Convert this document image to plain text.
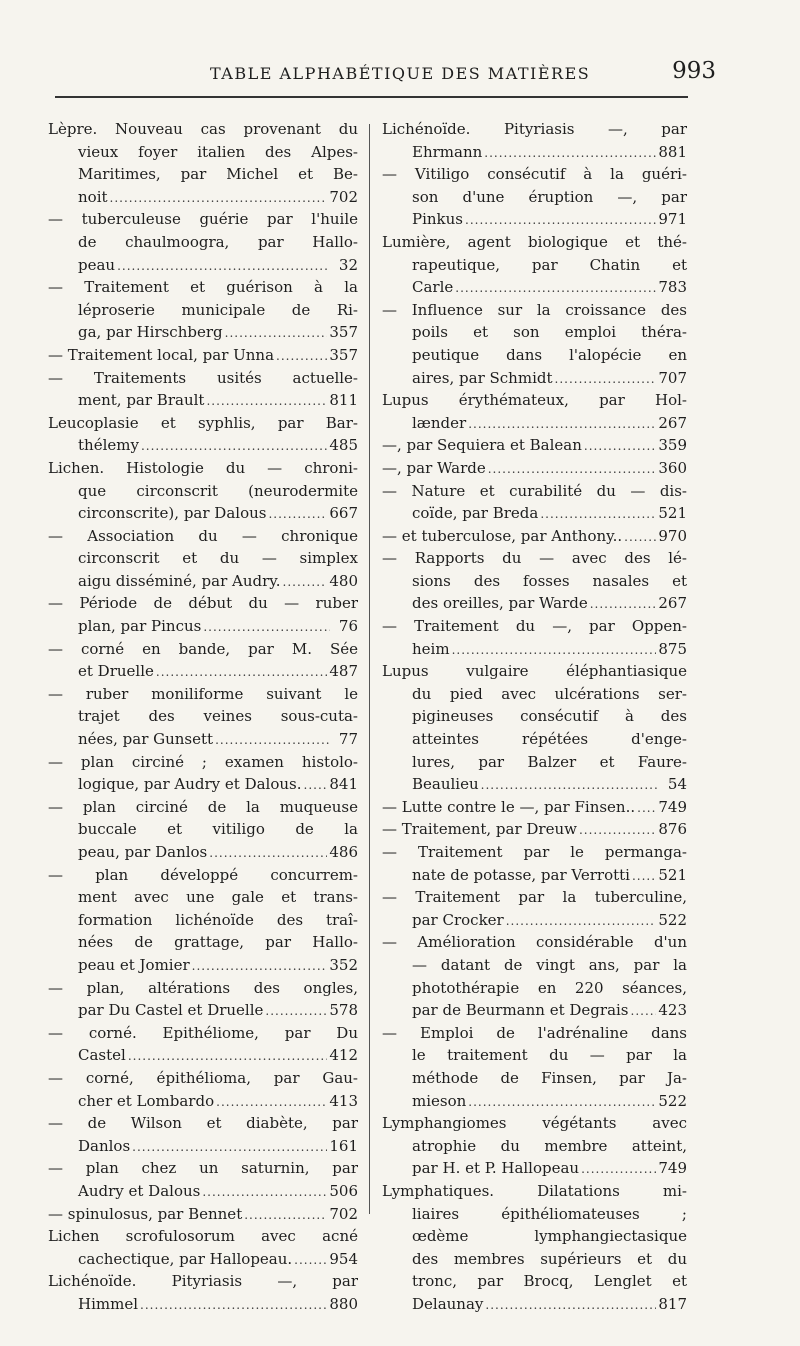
TABLE ALPHABÉTIQUE DES MATIÈRES	993
Lèpre. Nouveau cas provenant du
vieux foyer italien des Alpes-
Maritimes, par Michel et Be-
noit .....	702
— tuberculeuse guérie par l'huile
de chaulmoogra, par Hallo-
peau .....	32
— Traitement et guérison à la
léproserie municipale de Ri-
ga, par Hirschberg .....	357
— Traitement local, par Unna .....	357
— Traitements usités actuelle-
ment, par Brault .....	811
Leucoplasie et syphlis, par Bar-
thélemy .....	485
Lichen. Histologie du — chroni-
que circonscrit (neurodermite
circonscrite), par Dalous .....	667
— Association du — chronique
circonscrit et du — simplex
aigu disséminé, par Audry. .....	480
— Période de début du — ruber
plan, par Pincus .....	76
— corné en bande, par M. Sée
et Druelle .....	487
— ruber moniliforme suivant le
trajet des veines sous-cuta-
nées, par Gunsett .....	77
— plan circiné ; examen histolo-
logique, par Audry et Dalous. ..... 841
— plan circiné de la muqueuse
buccale et vitiligo de la
peau, par Danlos .....	486
— plan développé concurrem-
ment avec une gale et trans-
formation lichénoïde des traî-
nées de grattage, par Hallo-
peau et Jomier .....	352
— plan, altérations des ongles,
par Du Castel et Druelle .....	578
— corné. Epithéliome, par Du
Castel .....	412
— corné, épithélioma, par Gau-
cher et Lombardo .....	413
— de Wilson et diabète, par
Danlos .....	161
— plan chez un saturnin, par
Audry et Dalous .....	506
— spinulosus, par Bennet .....	702
Lichen scrofulosorum avec acné
cachectique, par Hallopeau. ..... 954
Lichénoïde. Pityriasis —, par
Himmel .....	880
Lichénoïde. Pityriasis —, par
Ehrmann .....	881
— Vitiligo consécutif à la guéri-
son d'une éruption —, par
Pinkus .....	971
Lumière, agent biologique et thé-
rapeutique, par Chatin et
Carle .....	783
— Influence sur la croissance des
poils et son emploi théra-
peutique dans l'alopécie en
aires, par Schmidt .....	707
Lupus érythémateux, par Hol-
lænder .....	267
—, par Sequiera et Balean .....	359
—, par Warde .....	360
— Nature et curabilité du — dis-
coïde, par Breda .....	521
— et tuberculose, par Anthony.. ..... 970
— Rapports du — avec des lé-
sions des fosses nasales et
des oreilles, par Warde .....	267
— Traitement du —, par Oppen-
heim .....	875
Lupus vulgaire éléphantiasique
du pied avec ulcérations ser-
pigineuses consécutif à des
atteintes répétées d'enge-
lures, par Balzer et Faure-
Beaulieu .....	54
— Lutte contre le —, par Finsen.. ..... 749
— Traitement, par Dreuw .....	876
— Traitement par le permanga-
nate de potasse, par Verrotti ..... 521
— Traitement par la tuberculine,
par Crocker .....	522
— Amélioration considérable d'un
— datant de vingt ans, par la
photothérapie en 220 séances,
par de Beurmann et Degrais ..... 423
— Emploi de l'adrénaline dans
le traitement du — par la
méthode de Finsen, par Ja-
mieson .....	522
Lymphangiomes végétants avec
atrophie du membre atteint,
par H. et P. Hallopeau .....	749
Lymphatiques. Dilatations mi-
liaires épithéliomateuses ;
œdème lymphangiectasique
des membres supérieurs et du
tronc, par Brocq, Lenglet et
Delaunay .....	817
